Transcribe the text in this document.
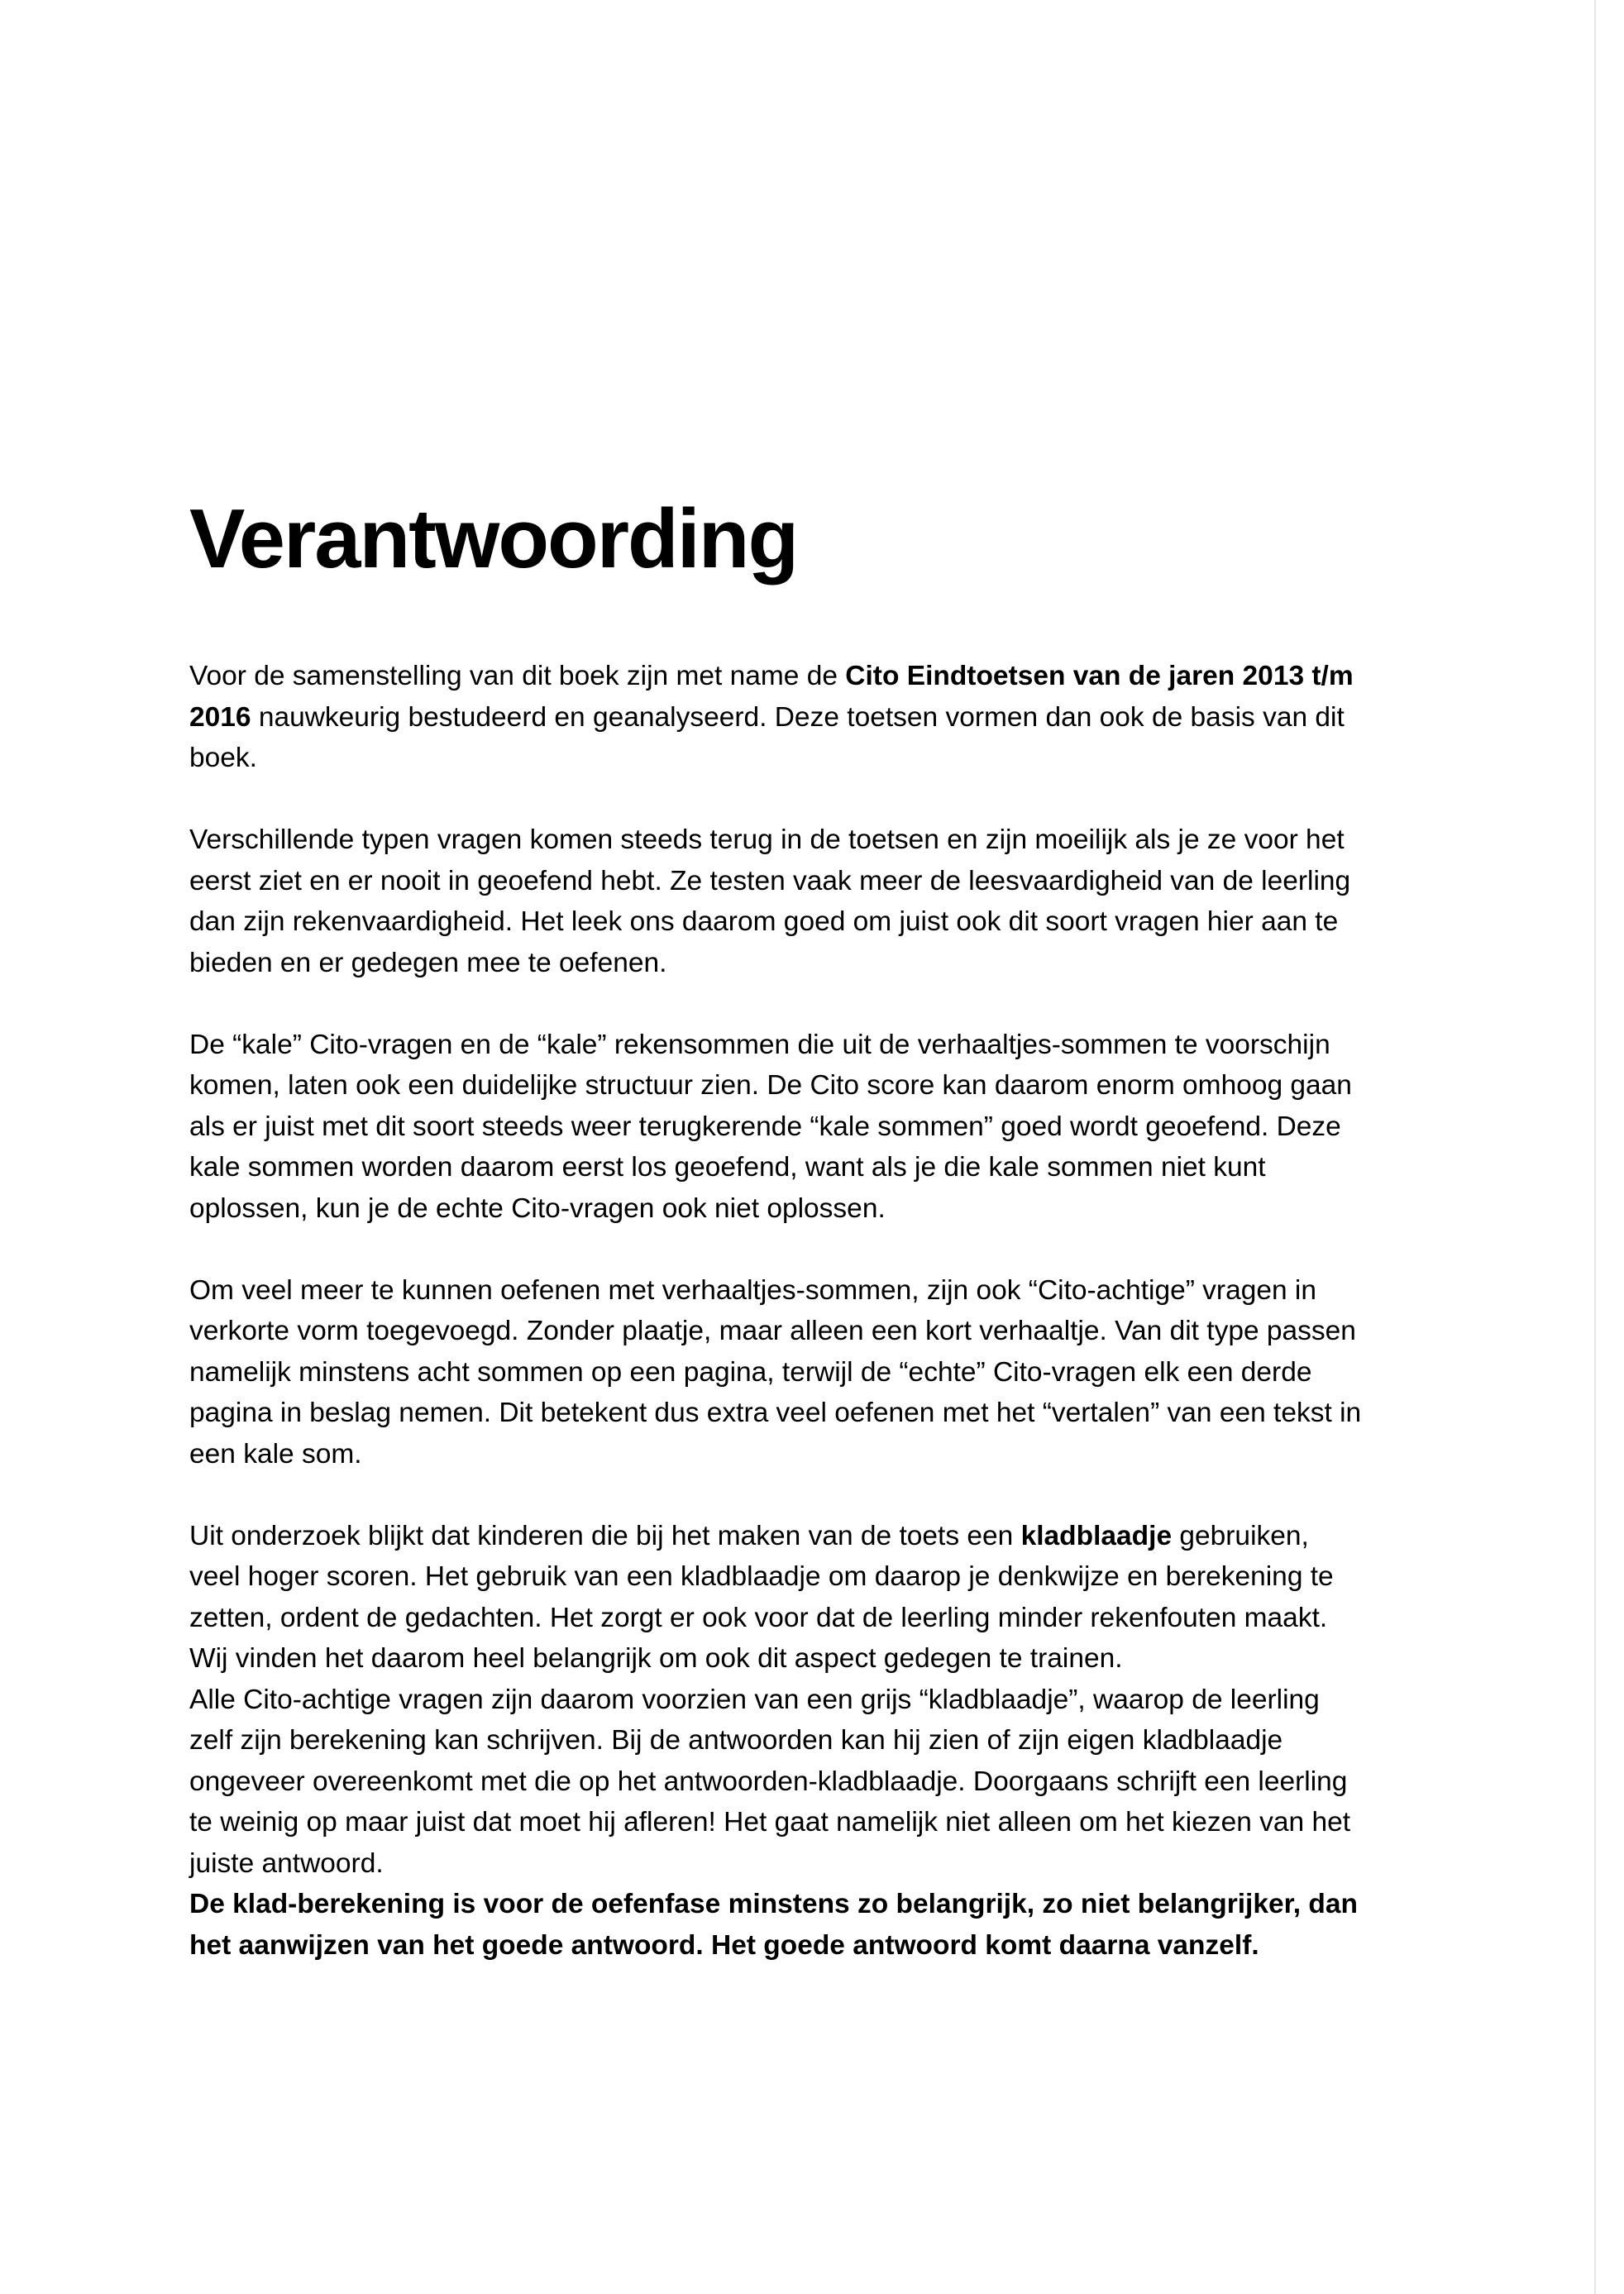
Verantwoording

Voor de samenstelling van dit boek zijn met name de Cito Eindtoetsen van de jaren 2013 t/m 2016 nauwkeurig bestudeerd en geanalyseerd. Deze toetsen vormen dan ook de basis van dit boek.

Verschillende typen vragen komen steeds terug in de toetsen en zijn moeilijk als je ze voor het eerst ziet en er nooit in geoefend hebt. Ze testen vaak meer de leesvaardigheid van de leerling dan zijn rekenvaardigheid. Het leek ons daarom goed om juist ook dit soort vragen hier aan te bieden en er gedegen mee te oefenen.

De “kale” Cito-vragen en de “kale” rekensommen die uit de verhaaltjes-sommen te voorschijn komen, laten ook een duidelijke structuur zien. De Cito score kan daarom enorm omhoog gaan als er juist met dit soort steeds weer terugkerende “kale sommen” goed wordt geoefend. Deze kale sommen worden daarom eerst los geoefend, want als je die kale sommen niet kunt oplossen, kun je de echte Cito-vragen ook niet oplossen.

Om veel meer te kunnen oefenen met verhaaltjes-sommen, zijn ook “Cito-achtige” vragen in verkorte vorm toegevoegd. Zonder plaatje, maar alleen een kort verhaaltje. Van dit type passen namelijk minstens acht sommen op een pagina, terwijl de “echte” Cito-vragen elk een derde pagina in beslag nemen. Dit betekent dus extra veel oefenen met het “vertalen” van een tekst in een kale som.

Uit onderzoek blijkt dat kinderen die bij het maken van de toets een kladblaadje gebruiken, veel hoger scoren. Het gebruik van een kladblaadje om daarop je denkwijze en berekening te zetten, ordent de gedachten. Het zorgt er ook voor dat de leerling minder rekenfouten maakt. Wij vinden het daarom heel belangrijk om ook dit aspect gedegen te trainen.

Alle Cito-achtige vragen zijn daarom voorzien van een grijs “kladblaadje”, waarop de leerling zelf zijn berekening kan schrijven. Bij de antwoorden kan hij zien of zijn eigen kladblaadje ongeveer overeenkomt met die op het antwoorden-kladblaadje. Doorgaans schrijft een leerling te weinig op maar juist dat moet hij afleren! Het gaat namelijk niet alleen om het kiezen van het juiste antwoord.

De klad-berekening is voor de oefenfase minstens zo belangrijk, zo niet belangrijker, dan het aanwijzen van het goede antwoord. Het goede antwoord komt daarna vanzelf.
